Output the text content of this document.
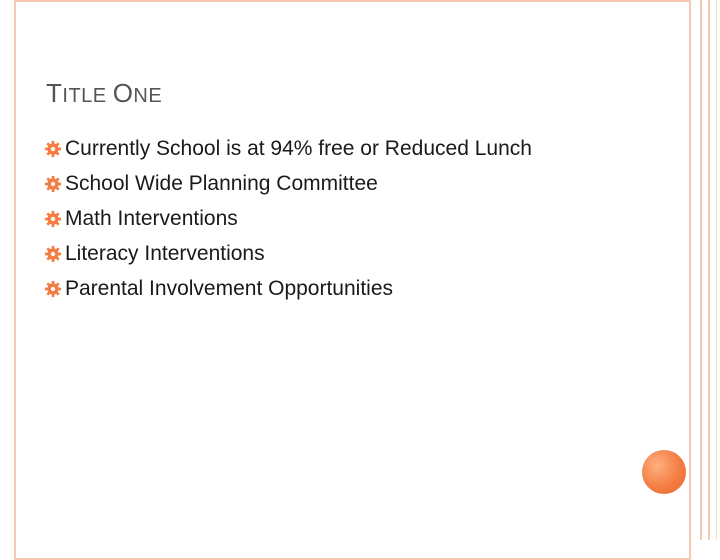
TITLE ONE
Currently School is at 94% free or Reduced Lunch
School Wide Planning Committee
Math Interventions
Literacy Interventions
Parental Involvement Opportunities
